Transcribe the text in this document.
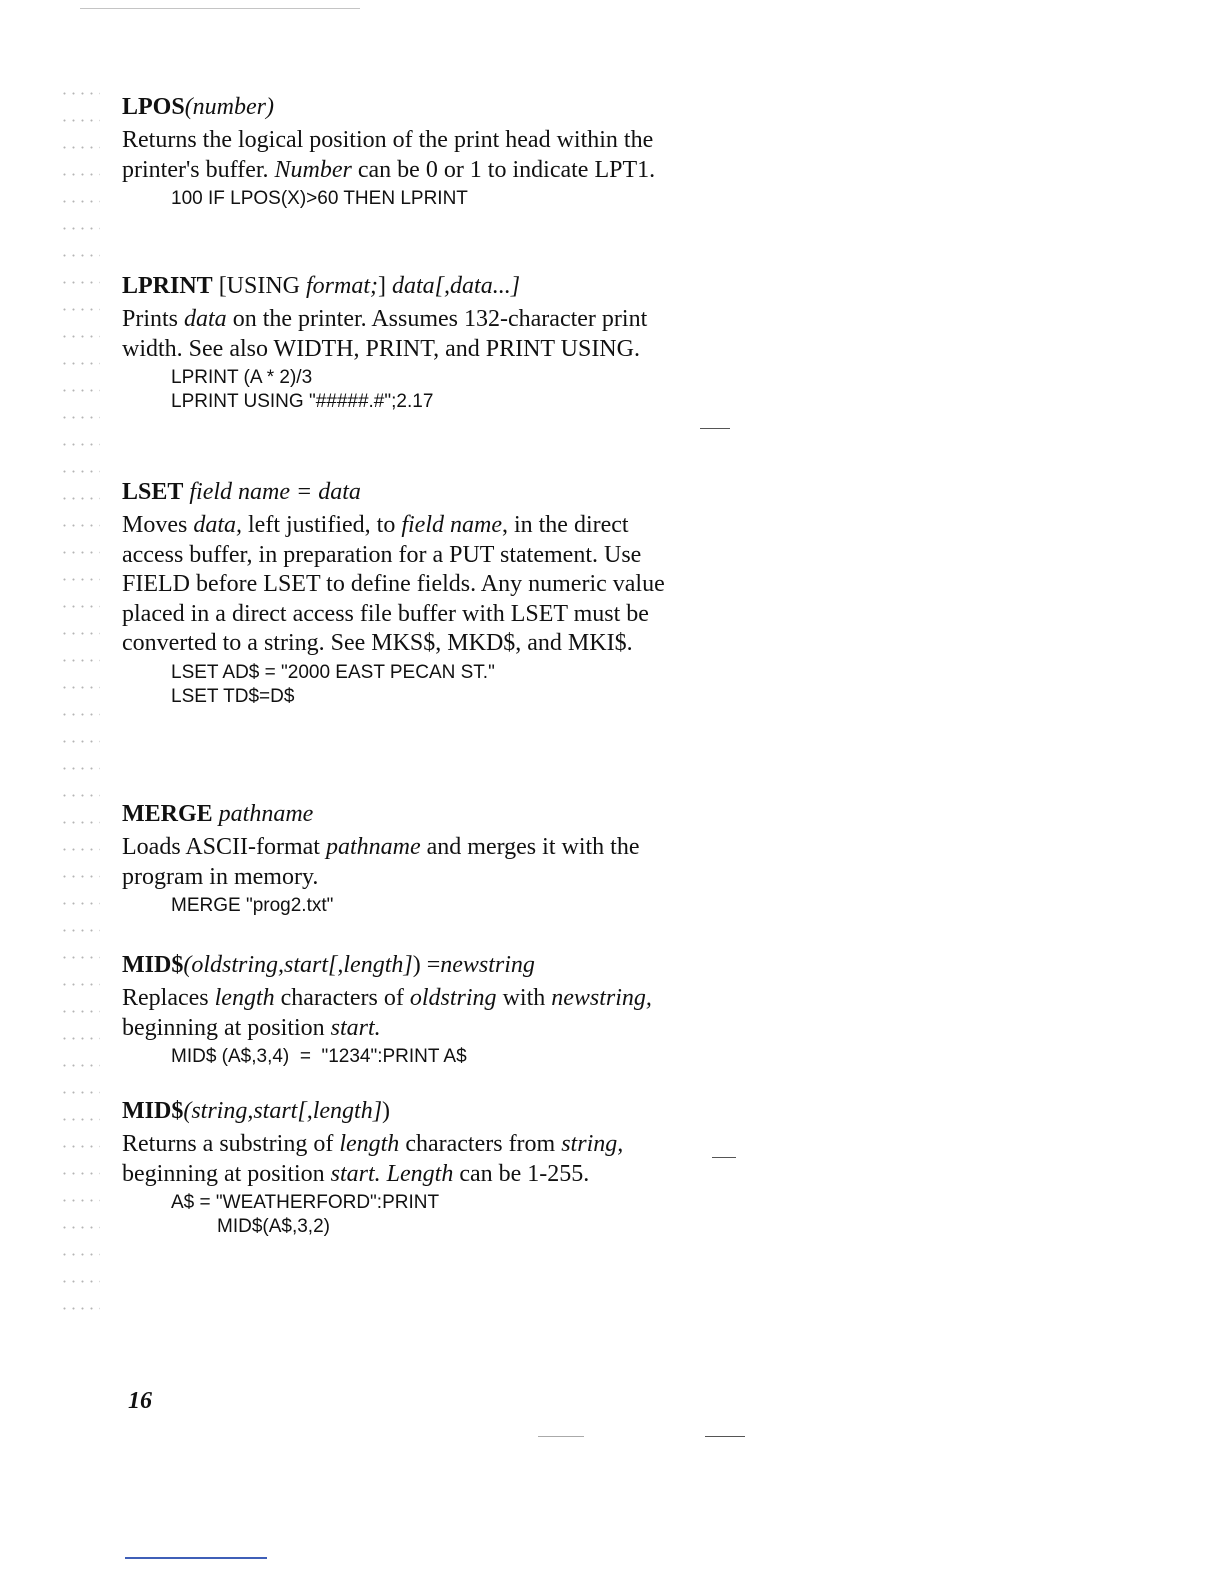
LPOS(number)
Returns the logical position of the print head within the printer's buffer. Number can be 0 or 1 to indicate LPT1.
100 IF LPOS(X)>60 THEN LPRINT
LPRINT [USING format;] data[,data...]
Prints data on the printer. Assumes 132-character print width. See also WIDTH, PRINT, and PRINT USING.
LPRINT (A * 2)/3
LPRINT USING "#####.#";2.17
LSET field name = data
Moves data, left justified, to field name, in the direct access buffer, in preparation for a PUT statement. Use FIELD before LSET to define fields. Any numeric value placed in a direct access file buffer with LSET must be converted to a string. See MKS$, MKD$, and MKI$.
LSET AD$ = "2000 EAST PECAN ST."
LSET TD$=D$
MERGE pathname
Loads ASCII-format pathname and merges it with the program in memory.
MERGE "prog2.txt"
MID$(oldstring,start[,length]) =newstring
Replaces length characters of oldstring with newstring, beginning at position start.
MID$ (A$,3,4)  =  "1234":PRINT A$
MID$(string,start[,length])
Returns a substring of length characters from string, beginning at position start. Length can be 1-255.
A$ = "WEATHERFORD":PRINT
MID$(A$,3,2)
16
